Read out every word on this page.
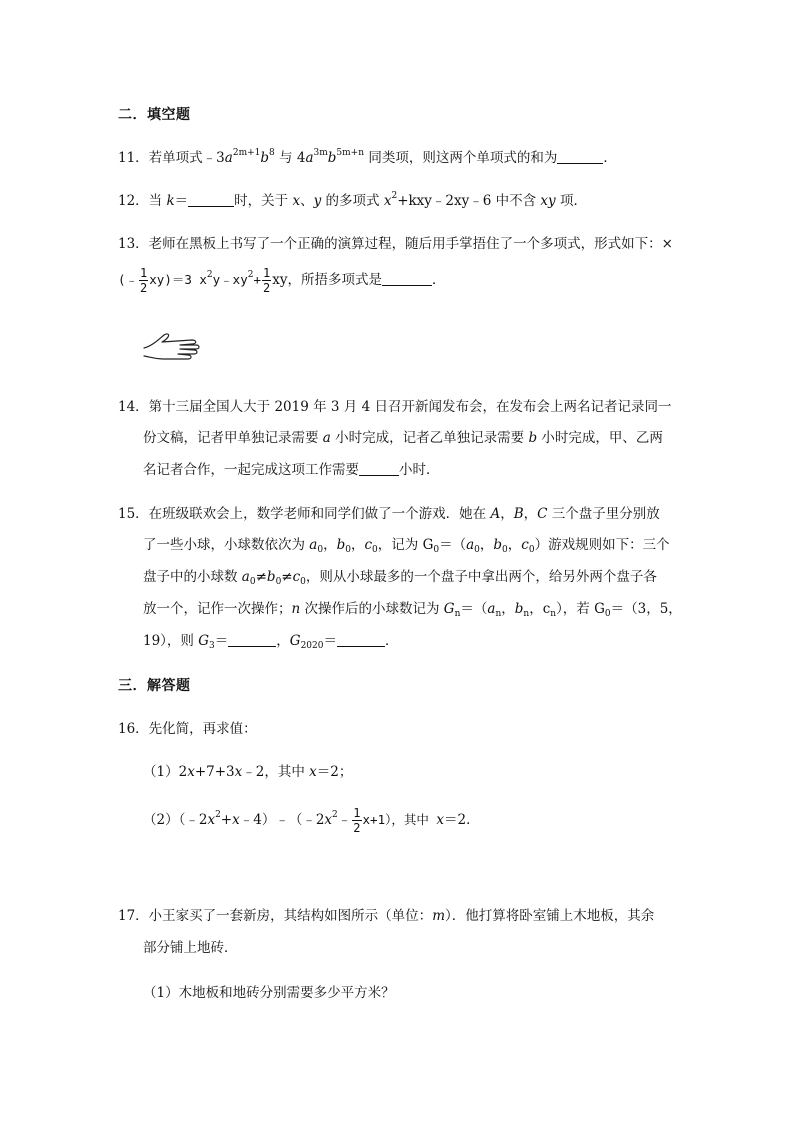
二．填空题
11．若单项式$﹣3a^{2m+1}b^8$ 与 $4a^{3m}b^{5m+n}$ 同类项，则这两个单项式的和为	．
12．当 k＝	时，关于 x、y 的多项式 $x^2+kxy﹣2xy﹣6$ 中不含 xy 项．
13．老师在黑板上书写了一个正确的演算过程，随后用手掌捂住了一个多项式，形式如下：×
(﹣ $\frac{1}{2} xy)=3$ $x^2y﹣xy^2+ \frac{1}{2}$ xy，所捂多项式是	．
14．第十三届全国人大于 2019 年 3 月 4 日召开新闻发布会，在发布会上两名记者记录同一
份文稿，记者甲单独记录需要 a 小时完成，记者乙单独记录需要 b 小时完成，甲、乙两
名记者合作，一起完成这项工作需要	小时．
15．在班级联欢会上，数学老师和同学们做了一个游戏．她在 A，B，C 三个盘子里分别放
了一些小球，小球数依次为 $a_0$，$b_0$，$c_0$，记为 $G_0=(a_0$，$b_0$，$c_0$）游戏规则如下：三个
盘子中的小球数 $a_0\ne b_0\ne c_0$，则从小球最多的一个盘子中拿出两个，给另外两个盘子各
放一个，记作一次操作；n 次操作后的小球数记为 $G_n=(a_n$，$b_n$，$c_n$），若 $G_0=(3$，5，
19），则 $G_3=$	，$G_{2020}=$	．
三．解答题
16．先化简，再求值：
（1）2x+7+3x﹣2，其中 x＝2；
$(2)(﹣2x^2+x﹣4)﹣(﹣2x^2﹣ \frac{1}{2} x+1)$，其中 x＝2．
17．小王家买了一套新房，其结构如图所示（单位：m）．他打算将卧室铺上木地板，其余
部分铺上地砖．
（1）木地板和地砖分别需要多少平方米？
